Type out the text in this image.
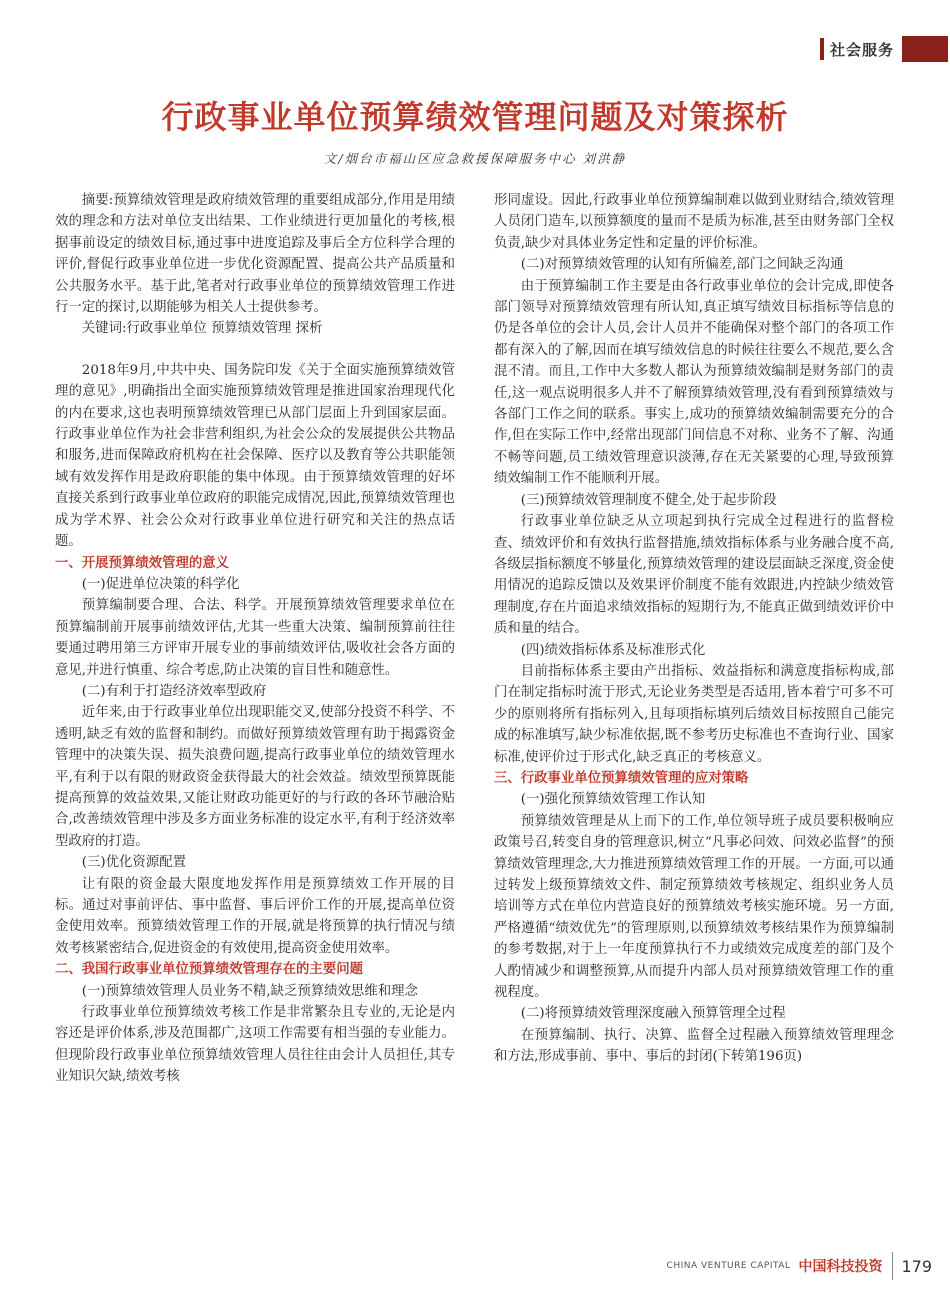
社会服务
行政事业单位预算绩效管理问题及对策探析
文/烟台市福山区应急救援保障服务中心 刘洪静

摘要:预算绩效管理是政府绩效管理的重要组成部分,作用是用绩效的理念和方法对单位支出结果、工作业绩进行更加量化的考核,根据事前设定的绩效目标,通过事中进度追踪及事后全方位科学合理的评价,督促行政事业单位进一步优化资源配置、提高公共产品质量和公共服务水平。基于此,笔者对行政事业单位的预算绩效管理工作进行一定的探讨,以期能够为相关人士提供参考。

关键词:行政事业单位 预算绩效管理 探析

2018年9月,中共中央、国务院印发《关于全面实施预算绩效管理的意见》,明确指出全面实施预算绩效管理是推进国家治理现代化的内在要求,这也表明预算绩效管理已从部门层面上升到国家层面。行政事业单位作为社会非营利组织,为社会公众的发展提供公共物品和服务,进而保障政府机构在社会保障、医疗以及教育等公共职能领域有效发挥作用是政府职能的集中体现。由于预算绩效管理的好坏直接关系到行政事业单位政府的职能完成情况,因此,预算绩效管理也成为学术界、社会公众对行政事业单位进行研究和关注的热点话题。

一、开展预算绩效管理的意义

(一)促进单位决策的科学化

预算编制要合理、合法、科学。开展预算绩效管理要求单位在预算编制前开展事前绩效评估,尤其一些重大决策、编制预算前往往要通过聘用第三方评审开展专业的事前绩效评估,吸收社会各方面的意见,并进行慎重、综合考虑,防止决策的盲目性和随意性。

(二)有利于打造经济效率型政府

近年来,由于行政事业单位出现职能交叉,使部分投资不科学、不透明,缺乏有效的监督和制约。而做好预算绩效管理有助于揭露资金管理中的决策失误、损失浪费问题,提高行政事业单位的绩效管理水平,有利于以有限的财政资金获得最大的社会效益。绩效型预算既能提高预算的效益效果,又能让财政功能更好的与行政的各环节融洽贴合,改善绩效管理中涉及多方面业务标准的设定水平,有利于经济效率型政府的打造。

(三)优化资源配置

让有限的资金最大限度地发挥作用是预算绩效工作开展的目标。通过对事前评估、事中监督、事后评价工作的开展,提高单位资金使用效率。预算绩效管理工作的开展,就是将预算的执行情况与绩效考核紧密结合,促进资金的有效使用,提高资金使用效率。

二、我国行政事业单位预算绩效管理存在的主要问题

(一)预算绩效管理人员业务不精,缺乏预算绩效思维和理念

行政事业单位预算绩效考核工作是非常繁杂且专业的,无论是内容还是评价体系,涉及范围都广,这项工作需要有相当强的专业能力。但现阶段行政事业单位预算绩效管理人员往往由会计人员担任,其专业知识欠缺,绩效考核

形同虚设。因此,行政事业单位预算编制难以做到业财结合,绩效管理人员闭门造车,以预算额度的量而不是质为标准,甚至由财务部门全权负责,缺少对具体业务定性和定量的评价标准。

(二)对预算绩效管理的认知有所偏差,部门之间缺乏沟通

由于预算编制工作主要是由各行政事业单位的会计完成,即使各部门领导对预算绩效管理有所认知,真正填写绩效目标指标等信息的仍是各单位的会计人员,会计人员并不能确保对整个部门的各项工作都有深入的了解,因而在填写绩效信息的时候往往要么不规范,要么含混不清。而且,工作中大多数人都认为预算绩效编制是财务部门的责任,这一观点说明很多人并不了解预算绩效管理,没有看到预算绩效与各部门工作之间的联系。事实上,成功的预算绩效编制需要充分的合作,但在实际工作中,经常出现部门间信息不对称、业务不了解、沟通不畅等问题,员工绩效管理意识淡薄,存在无关紧要的心理,导致预算绩效编制工作不能顺利开展。

(三)预算绩效管理制度不健全,处于起步阶段

行政事业单位缺乏从立项起到执行完成全过程进行的监督检查、绩效评价和有效执行监督措施,绩效指标体系与业务融合度不高,各级层指标额度不够量化,预算绩效管理的建设层面缺乏深度,资金使用情况的追踪反馈以及效果评价制度不能有效跟进,内控缺少绩效管理制度,存在片面追求绩效指标的短期行为,不能真正做到绩效评价中质和量的结合。

(四)绩效指标体系及标准形式化

目前指标体系主要由产出指标、效益指标和满意度指标构成,部门在制定指标时流于形式,无论业务类型是否适用,皆本着宁可多不可少的原则将所有指标列入,且每项指标填列后绩效目标按照自己能完成的标准填写,缺少标准依据,既不参考历史标准也不查询行业、国家标准,使评价过于形式化,缺乏真正的考核意义。

三、行政事业单位预算绩效管理的应对策略

(一)强化预算绩效管理工作认知

预算绩效管理是从上而下的工作,单位领导班子成员要积极响应政策号召,转变自身的管理意识,树立“凡事必问效、问效必监督”的预算绩效管理理念,大力推进预算绩效管理工作的开展。一方面,可以通过转发上级预算绩效文件、制定预算绩效考核规定、组织业务人员培训等方式在单位内营造良好的预算绩效考核实施环境。另一方面,严格遵循“绩效优先”的管理原则,以预算绩效考核结果作为预算编制的参考数据,对于上一年度预算执行不力或绩效完成度差的部门及个人酌情减少和调整预算,从而提升内部人员对预算绩效管理工作的重视程度。

(二)将预算绩效管理深度融入预算管理全过程

在预算编制、执行、决算、监督全过程融入预算绩效管理理念和方法,形成事前、事中、事后的封闭(下转第196页)

CHINA VENTURE CAPITAL 中国科技投资 179
